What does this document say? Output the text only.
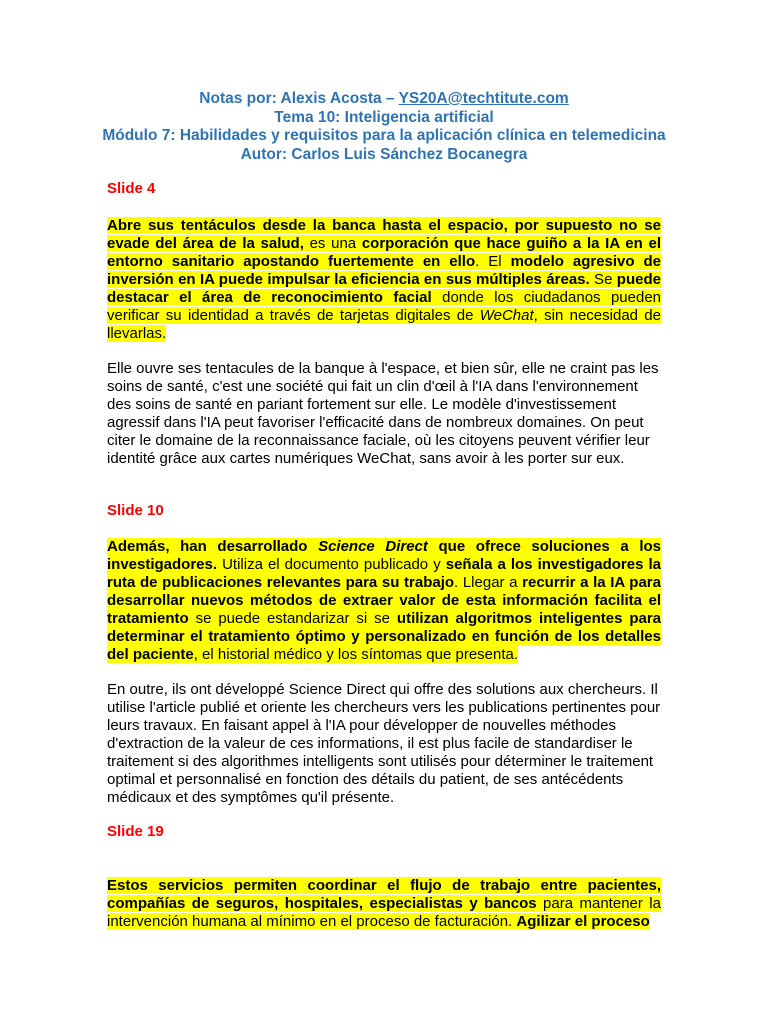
Notas por: Alexis Acosta – YS20A@techtitute.com
Tema 10: Inteligencia artificial
Módulo 7: Habilidades y requisitos para la aplicación clínica en telemedicina
Autor: Carlos Luis Sánchez Bocanegra
Slide 4
Abre sus tentáculos desde la banca hasta el espacio, por supuesto no se evade del área de la salud, es una corporación que hace guiño a la IA en el entorno sanitario apostando fuertemente en ello. El modelo agresivo de inversión en IA puede impulsar la eficiencia en sus múltiples áreas. Se puede destacar el área de reconocimiento facial donde los ciudadanos pueden verificar su identidad a través de tarjetas digitales de WeChat, sin necesidad de llevarlas.
Elle ouvre ses tentacules de la banque à l'espace, et bien sûr, elle ne craint pas les soins de santé, c'est une société qui fait un clin d'œil à l'IA dans l'environnement des soins de santé en pariant fortement sur elle. Le modèle d'investissement agressif dans l'IA peut favoriser l'efficacité dans de nombreux domaines. On peut citer le domaine de la reconnaissance faciale, où les citoyens peuvent vérifier leur identité grâce aux cartes numériques WeChat, sans avoir à les porter sur eux.
Slide 10
Además, han desarrollado Science Direct que ofrece soluciones a los investigadores. Utiliza el documento publicado y señala a los investigadores la ruta de publicaciones relevantes para su trabajo. Llegar a recurrir a la IA para desarrollar nuevos métodos de extraer valor de esta información facilita el tratamiento se puede estandarizar si se utilizan algoritmos inteligentes para determinar el tratamiento óptimo y personalizado en función de los detalles del paciente, el historial médico y los síntomas que presenta.
En outre, ils ont développé Science Direct qui offre des solutions aux chercheurs. Il utilise l'article publié et oriente les chercheurs vers les publications pertinentes pour leurs travaux. En faisant appel à l'IA pour développer de nouvelles méthodes d'extraction de la valeur de ces informations, il est plus facile de standardiser le traitement si des algorithmes intelligents sont utilisés pour déterminer le traitement optimal et personnalisé en fonction des détails du patient, de ses antécédents médicaux et des symptômes qu'il présente.
Slide 19
Estos servicios permiten coordinar el flujo de trabajo entre pacientes, compañías de seguros, hospitales, especialistas y bancos para mantener la intervención humana al mínimo en el proceso de facturación. Agilizar el proceso
